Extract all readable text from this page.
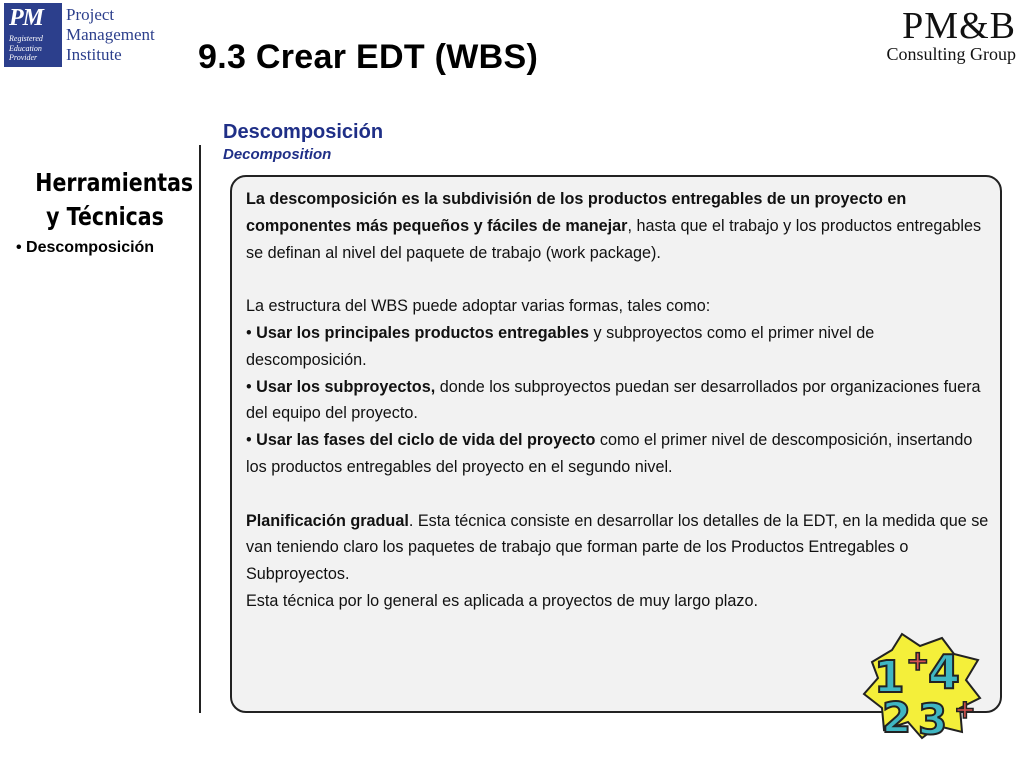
PM
Registered
Education
Provider
Project
Management
Institute	9.3 Crear EDT (WBS)
PM&B
Consulting Group
Descomposición
Decomposition
Herramientas
y Técnicas
• Descomposición

La descomposición es la subdivisión de los productos entregables de un proyecto en componentes más pequeños y fáciles de manejar, hasta que el trabajo y los productos entregables se definan al nivel del paquete de trabajo (work package).

La estructura del WBS puede adoptar varias formas, tales como:

• Usar los principales productos entregables y subproyectos como el primer nivel de descomposición.

• Usar los subproyectos, donde los subproyectos puedan ser desarrollados por organizaciones fuera del equipo del proyecto.

• Usar las fases del ciclo de vida del proyecto como el primer nivel de descomposición, insertando los productos entregables del proyecto en el segundo nivel.

Planificación gradual. Esta técnica consiste en desarrollar los detalles de la EDT, en la medida que se van teniendo claro los paquetes de trabajo que forman parte de los Productos Entregables o Subproyectos.

Esta técnica por lo general es aplicada a proyectos de muy largo plazo.

1
2 3
4
+
+
